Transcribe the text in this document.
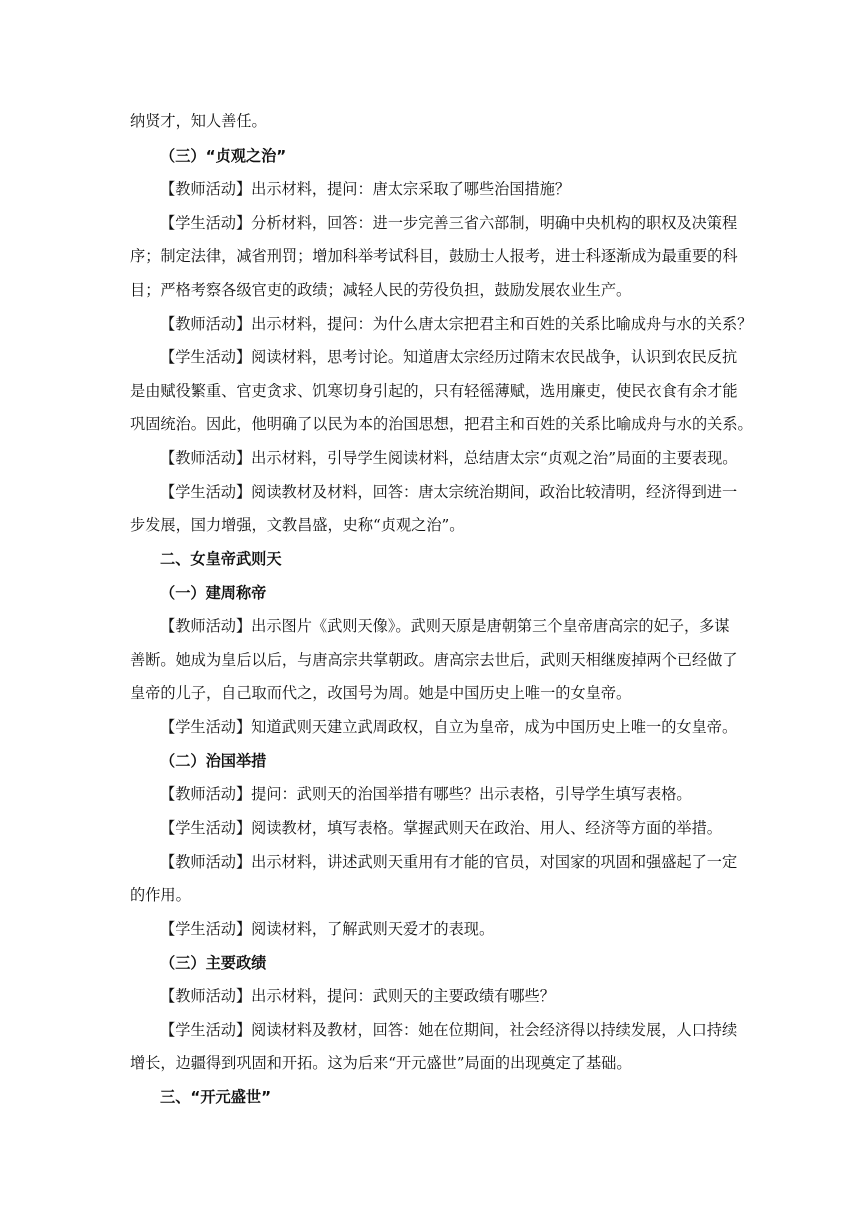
纳贤才，知人善任。
（三）“贞观之治”
【教师活动】出示材料，提问：唐太宗采取了哪些治国措施？
【学生活动】分析材料，回答：进一步完善三省六部制，明确中央机构的职权及决策程
序；制定法律，减省刑罚；增加科举考试科目，鼓励士人报考，进士科逐渐成为最重要的科
目；严格考察各级官吏的政绩；减轻人民的劳役负担，鼓励发展农业生产。
【教师活动】出示材料，提问：为什么唐太宗把君主和百姓的关系比喻成舟与水的关系？
【学生活动】阅读材料，思考讨论。知道唐太宗经历过隋末农民战争，认识到农民反抗
是由赋役繁重、官吏贪求、饥寒切身引起的，只有轻徭薄赋，选用廉吏，使民衣食有余才能
巩固统治。因此，他明确了以民为本的治国思想，把君主和百姓的关系比喻成舟与水的关系。
【教师活动】出示材料，引导学生阅读材料，总结唐太宗“贞观之治”局面的主要表现。
【学生活动】阅读教材及材料，回答：唐太宗统治期间，政治比较清明，经济得到进一
步发展，国力增强，文教昌盛，史称“贞观之治”。
二、女皇帝武则天
（一）建周称帝
【教师活动】出示图片《武则天像》。武则天原是唐朝第三个皇帝唐高宗的妃子，多谋
善断。她成为皇后以后，与唐高宗共掌朝政。唐高宗去世后，武则天相继废掉两个已经做了
皇帝的儿子，自己取而代之，改国号为周。她是中国历史上唯一的女皇帝。
【学生活动】知道武则天建立武周政权，自立为皇帝，成为中国历史上唯一的女皇帝。
（二）治国举措
【教师活动】提问：武则天的治国举措有哪些？出示表格，引导学生填写表格。
【学生活动】阅读教材，填写表格。掌握武则天在政治、用人、经济等方面的举措。
【教师活动】出示材料，讲述武则天重用有才能的官员，对国家的巩固和强盛起了一定
的作用。
【学生活动】阅读材料，了解武则天爱才的表现。
（三）主要政绩
【教师活动】出示材料，提问：武则天的主要政绩有哪些？
【学生活动】阅读材料及教材，回答：她在位期间，社会经济得以持续发展，人口持续
增长，边疆得到巩固和开拓。这为后来“开元盛世”局面的出现奠定了基础。
三、“开元盛世”
